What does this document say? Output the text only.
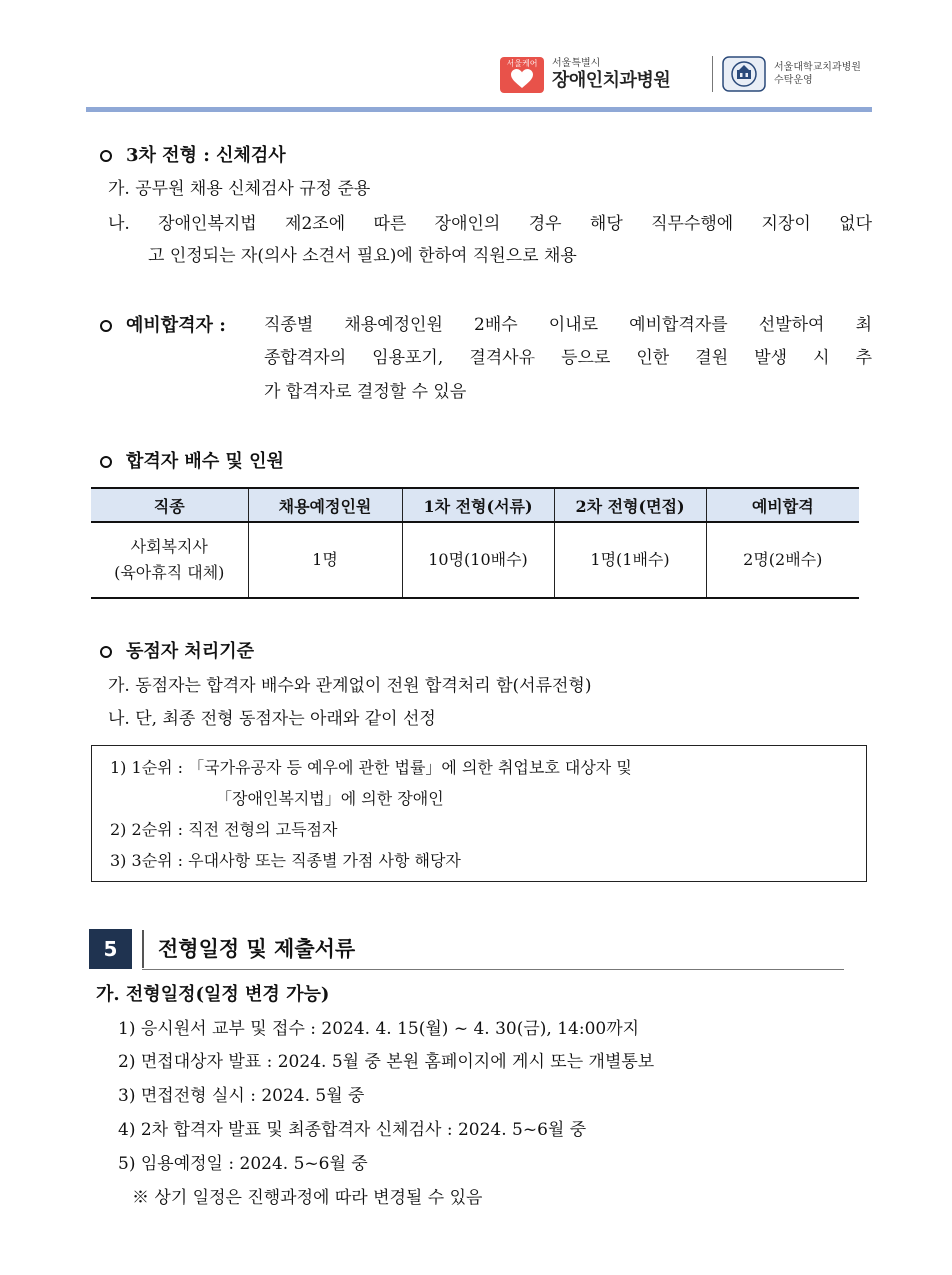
서울케어	서울특별시
장애인치과병원
서울대학교치과병원
수탁운영
3차 전형 : 신체검사
가. 공무원 채용 신체검사 규정 준용
나. 장애인복지법 제2조에 따른 장애인의 경우 해당 직무수행에 지장이 없다
고 인정되는 자(의사 소견서 필요)에 한하여 직원으로 채용
예비합격자 : 직종별 채용예정인원 2배수 이내로 예비합격자를 선발하여 최
종합격자의 임용포기, 결격사유 등으로 인한 결원 발생 시 추
가 합격자로 결정할 수 있음
합격자 배수 및 인원
직종	채용예정인원	1차 전형(서류)	2차 전형(면접)	예비합격

사회복지사
(육아휴직 대체)	1명	10명(10배수)	1명(1배수)	2명(2배수)
동점자 처리기준
가. 동점자는 합격자 배수와 관계없이 전원 합격처리 함(서류전형)
나. 단, 최종 전형 동점자는 아래와 같이 선정
1) 1순위 : 「국가유공자 등 예우에 관한 법률」에 의한 취업보호 대상자 및
「장애인복지법」에 의한 장애인
2) 2순위 : 직전 전형의 고득점자
3) 3순위 : 우대사항 또는 직종별 가점 사항 해당자
5	전형일정 및 제출서류
가. 전형일정(일정 변경 가능)
1) 응시원서 교부 및 접수 : 2024. 4. 15(월) ~ 4. 30(금), 14:00까지
2) 면접대상자 발표 : 2024. 5월 중 본원 홈페이지에 게시 또는 개별통보
3) 면접전형 실시 : 2024. 5월 중
4) 2차 합격자 발표 및 최종합격자 신체검사 : 2024. 5~6월 중
5) 임용예정일 : 2024. 5~6월 중
※ 상기 일정은 진행과정에 따라 변경될 수 있음
